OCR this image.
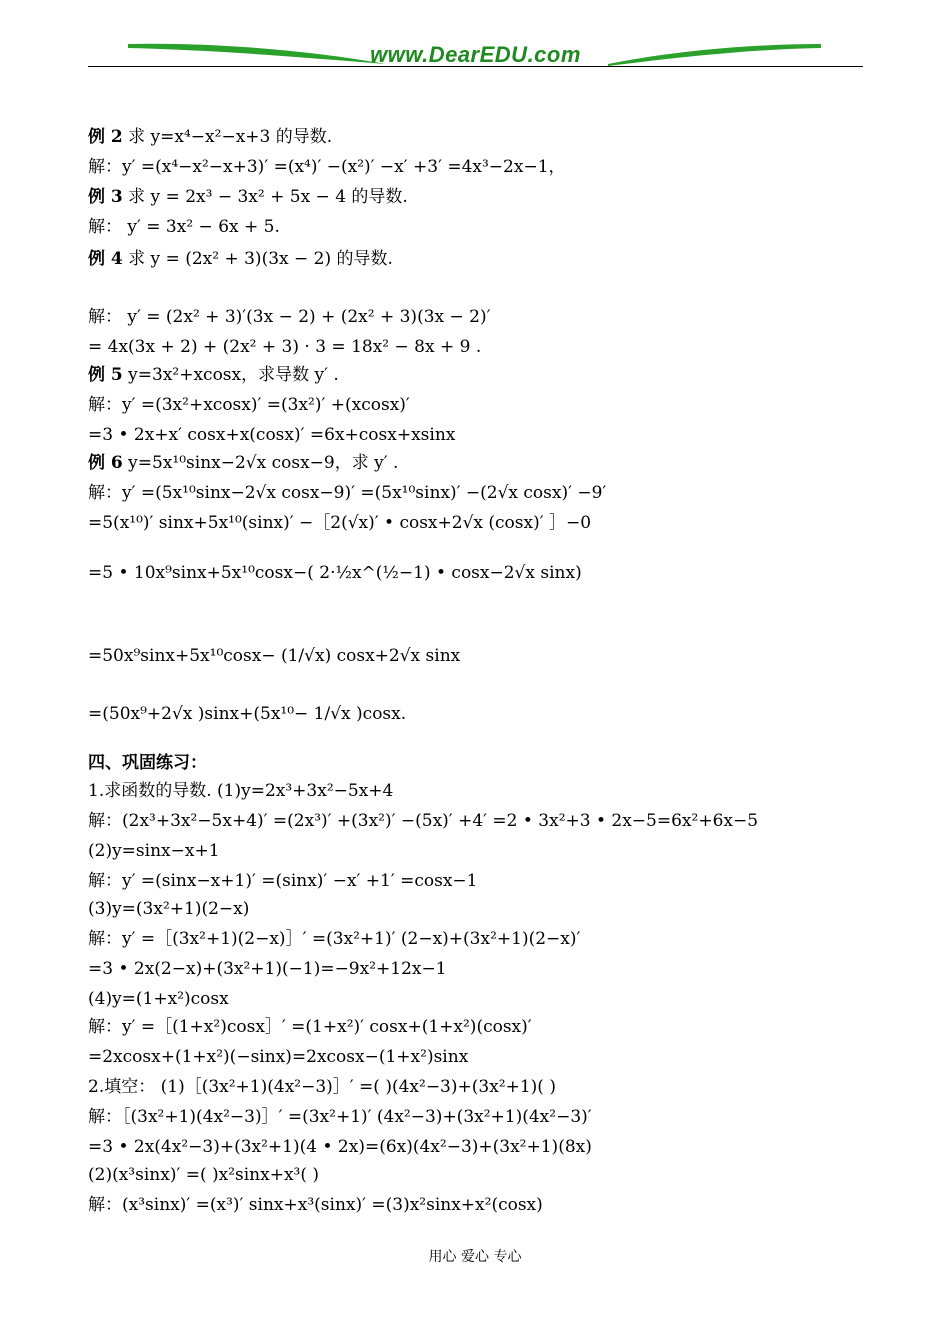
www.DearEDU.com
例 2 求 y=x⁴−x²−x+3 的导数.
解：y′ =(x⁴−x²−x+3)′ =(x⁴)′ −(x²)′ −x′ +3′ =4x³−2x−1，
例 3 求 y = 2x³ − 3x² + 5x − 4 的导数.
解： y′ = 3x² − 6x + 5.
例 4 求 y = (2x² + 3)(3x − 2) 的导数.
解： y′ = (2x² + 3)′(3x − 2) + (2x² + 3)(3x − 2)′
= 4x(3x + 2) + (2x² + 3) · 3 = 18x² − 8x + 9 .
例 5 y=3x²+xcosx，求导数 y′ .
解：y′ =(3x²+xcosx)′ =(3x²)′ +(xcosx)′
=3 • 2x+x′ cosx+x(cosx)′ =6x+cosx+xsinx
例 6 y=5x¹⁰sinx−2√x cosx−9，求 y′ .
解：y′ =(5x¹⁰sinx−2√x cosx−9)′ =(5x¹⁰sinx)′ −(2√x cosx)′ −9′
=5(x¹⁰)′ sinx+5x¹⁰(sinx)′ −［2(√x)′ • cosx+2√x (cosx)′ ］−0
=5 • 10x⁹sinx+5x¹⁰cosx−( 2·½x^(½−1) • cosx−2√x sinx)
=50x⁹sinx+5x¹⁰cosx− (1/√x) cosx+2√x sinx
=(50x⁹+2√x )sinx+(5x¹⁰− 1/√x )cosx.
四、巩固练习：
1.求函数的导数. (1)y=2x³+3x²−5x+4
解：(2x³+3x²−5x+4)′ =(2x³)′ +(3x²)′ −(5x)′ +4′ =2 • 3x²+3 • 2x−5=6x²+6x−5
(2)y=sinx−x+1
解：y′ =(sinx−x+1)′ =(sinx)′ −x′ +1′ =cosx−1
(3)y=(3x²+1)(2−x)
解：y′ =［(3x²+1)(2−x)］′ =(3x²+1)′ (2−x)+(3x²+1)(2−x)′
=3 • 2x(2−x)+(3x²+1)(−1)=−9x²+12x−1
(4)y=(1+x²)cosx
解：y′ =［(1+x²)cosx］′ =(1+x²)′ cosx+(1+x²)(cosx)′
=2xcosx+(1+x²)(−sinx)=2xcosx−(1+x²)sinx
2.填空： (1)［(3x²+1)(4x²−3)］′ =( )(4x²−3)+(3x²+1)( )
解：［(3x²+1)(4x²−3)］′ =(3x²+1)′ (4x²−3)+(3x²+1)(4x²−3)′
=3 • 2x(4x²−3)+(3x²+1)(4 • 2x)=(6x)(4x²−3)+(3x²+1)(8x)
(2)(x³sinx)′ =( )x²sinx+x³( )
解：(x³sinx)′ =(x³)′ sinx+x³(sinx)′ =(3)x²sinx+x²(cosx)
用心 爱心 专心
